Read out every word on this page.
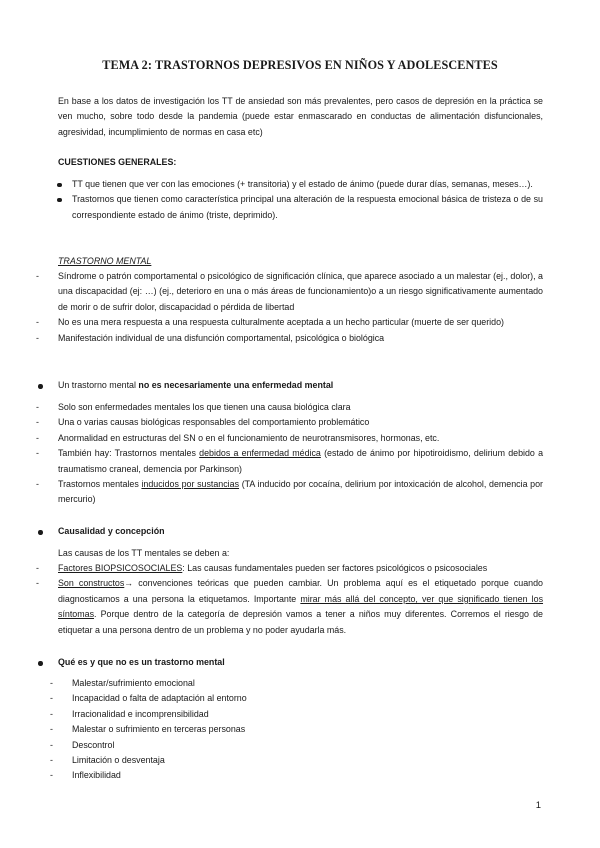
TEMA 2: TRASTORNOS DEPRESIVOS EN NIÑOS Y ADOLESCENTES

En base a los datos de investigación los TT de ansiedad son más prevalentes, pero casos de depresión en la práctica se ven mucho, sobre todo desde la pandemia (puede estar enmascarado en conductas de alimentación disfuncionales, agresividad, incumplimiento de normas en casa etc)

CUESTIONES GENERALES:
TT que tienen que ver con las emociones (+ transitoria) y el estado de ánimo (puede durar días, semanas, meses…).
Trastornos que tienen como característica principal una alteración de la respuesta emocional básica de tristeza o de su correspondiente estado de ánimo (triste, deprimido).
TRASTORNO MENTAL
- Síndrome o patrón comportamental o psicológico de significación clínica, que aparece asociado a un malestar (ej., dolor), a una discapacidad (ej: …) (ej., deterioro en una o más áreas de funcionamiento)o a un riesgo significativamente aumentado de morir o de sufrir dolor, discapacidad o pérdida de libertad
- No es una mera respuesta a una respuesta culturalmente aceptada a un hecho particular (muerte de ser querido)
- Manifestación individual de una disfunción comportamental, psicológica o biológica
Un trastorno mental no es necesariamente una enfermedad mental
- Solo son enfermedades mentales los que tienen una causa biológica clara
- Una o varias causas biológicas responsables del comportamiento problemático
- Anormalidad en estructuras del SN o en el funcionamiento de neurotransmisores, hormonas, etc.
- También hay: Trastornos mentales debidos a enfermedad médica (estado de ánimo por hipotiroidismo, delirium debido a traumatismo craneal, demencia por Parkinson)
- Trastornos mentales inducidos por sustancias (TA inducido por cocaína, delirium por intoxicación de alcohol, demencia por mercurio)
Causalidad y concepción
Las causas de los TT mentales se deben a:
- Factores BIOPSICOSOCIALES: Las causas fundamentales pueden ser factores psicológicos o psicosociales
- Son constructos→ convenciones teóricas que pueden cambiar. Un problema aquí es el etiquetado porque cuando diagnosticamos a una persona la etiquetamos. Importante mirar más allá del concepto, ver que significado tienen los síntomas. Porque dentro de la categoría de depresión vamos a tener a niños muy diferentes. Corremos el riesgo de etiquetar a una persona dentro de un problema y no poder ayudarla más.
Qué es y que no es un trastorno mental
- Malestar/sufrimiento emocional
- Incapacidad o falta de adaptación al entorno
- Irracionalidad e incomprensibilidad
- Malestar o sufrimiento en terceras personas
- Descontrol
- Limitación o desventaja
- Inflexibilidad
1
